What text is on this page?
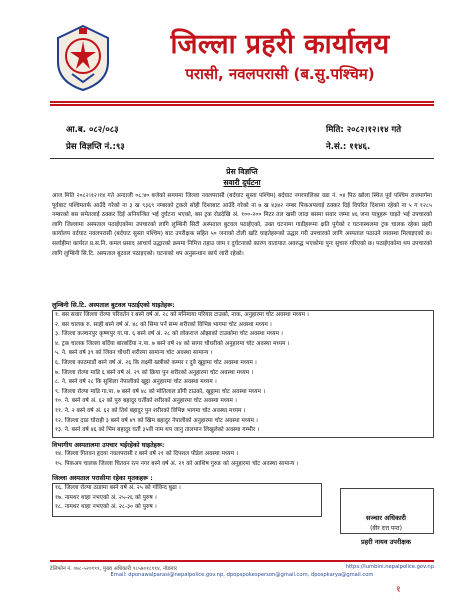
जिल्ला प्रहरी कार्यालय
परासी, नवलपरासी (ब.सु.पश्चिम)
आ.ब. ०८२/०८३	मिति: २०८२।१२।१४ गते
प्रेस विज्ञप्ति नं.:९३	ने.सं.: ११४६.
प्रेस विज्ञप्ति
सवारी दुर्घटना
आज मिति २०८२।१२।१४ गते अन्दाजी ०८:४० बजेको समयमा जिल्ला नवलपरासी (बर्दघाट सुस्ता पश्चिम) बर्दघाट नगरपालिका वडा नं. ०४ पिठ खोला स्थित पूर्व पश्चिम राजमार्गमा पूर्वबाट पश्चिमतर्फ आउँदै गरेको ना ३ ख ९३६९ नम्बरको ट्रकले सोही दिशाबाट आउँदै गरेको ना ७ ख ४३४२ नम्बर पिकअपलाई ठक्कर दिई विपरित दिशामा रहेको ना ५ ग १२८५ नम्बरको बस समेतलाई ठक्कर दिई अनियन्त्रित भई दुर्घटना भएको, बस ट्रक रोडदेखि अं. १००-२०० मिटर तल खसी जादा बसमा सवार जम्मा ४६ जना यात्रुहरू घाइते भई उपचारको लागि जिल्लामा अस्पताल पठाईएकोमा उपचारको लागि लुम्बिनी सिटी अस्पताल बुटवल पठाईएको, उक्त घटनामा गाडीहरूमा क्षति पुगेको र घटनास्थलमा ट्रक चालक रहेका प्रहरी कार्यालय वर्दघाट नवलपरासी (बर्दघाट सुस्ता पश्चिम) बाट उपरीक्षक सहित ५० जनाको टोली खटि घाइतेहरूको उद्धार गरी उपचारको लागि अस्पताल पठाउने व्यवस्था मिलाइएको छ। सर्लाहीमा कार्यरत प्र.स.नि. कमल प्रसाद आचार्य उद्धारको क्रममा निमित्त तहाउ जाम र दुर्घटनाको कारण यातायात अवरुद्ध भएकोमा पुनः सुचारु गरिएको छ। पठाईएकोमा थप उपचारको लागि लुम्बिनी सि.टि. अस्पताल बुटवल पठाइएको। घटनाको थप अनुसन्धान कार्य जारी रहेको।
लुम्बिनी सि.टि. अस्पताल बुटवल पठाईएको घाइतेहरू:
१. बस सवार जिल्ला रोल्पा परिवर्तन र बस्ने वर्ष अं. २८ को मनिमाया परियार टाउको, नाक, अनुहारमा चोट अवस्था मध्यम ।
२. बस चालक रु. साही बस्ने वर्ष अं. ४८ को सिमा पर्ने सम्म शरीरको विभिन्न भागमा चोट अवस्था मध्यम ।
३. जिल्ला कञ्चनपुर कृष्णपुर गा.पा. ६ बस्ने वर्ष अं. २८ को लोकराज ओझाको टाउकोमा चोट अवस्था मध्यम ।
४. ट्रक चालक जिल्ला बर्दिया बारबर्दिया न.पा. ७ बस्ने वर्ष २४ को सागर चौधरीको अनुहारमा चोट अवस्था मध्यम ।
५. ने. बस्ने वर्ष ३९ को जिवन चौधरी शरीरमा सामान्य चोट अवस्था सामान्य ।
६. जिल्ला काठमाडौं बस्ने वर्ष अं. २६ कि लक्ष्मी खत्रीको कम्मर र दुवै खुट्टामा चोट अवस्था मध्यम ।
७. जिल्ला रोल्पा माडि ६ बस्ने वर्ष अं. २९ को क्रिया पुन शरीरको अनुहारमा चोट अवस्था मध्यम ।
८. ने. बस्ने वर्ष २८ कि सुशिला नेपालीको खुट्टा अनुहारमा चोट अवस्था मध्यम ।
९. जिल्ला रोल्पा माडि गा.पा. ७ बस्ने वर्ष ४८ को मोतिलाल डाँगी टाउको, खुट्टामा चोट अवस्था मध्यम ।
१०. ने. बस्ने वर्ष अं. ६२ को पुरु बहादुर घर्तीको शरीरको अनुहारमा चोट अवस्था मध्यम ।
११. ने. २ बस्ने वर्ष अं. ६२ को तिर्थ बहादुर पुन शरीरको विभिन्न भागमा चोट अवस्था मध्यम ।
१२. जिल्ला दाङ घोराही ३ बस्ने वर्ष ४९ को खिम बहादुर नेपालीको अनुहारमा चोट अवस्था मध्यम ।
१३. ने. बस्ने वर्ष ४६ को भिम बहादुर घर्ती ३५वी नाम थप जानु तालमान लिखुलेको अवस्था गम्भीर ।
विभागीय अस्पतालमा उपचार भईरहेको घाइतेहरू:
१४. जिल्ला गितवन हृदया नवलपरासी र बस्ने वर्ष २१ को दिपशल पौडेल अवस्था मध्यम ।
१५. पिकअप चालक जिल्ला चितवन रत्न नगर बस्ने वर्ष अं. २९ को आशिष गुरुङ को अनुहारमा चोट अवस्था सामान्य ।
जिल्ला अस्पताल परासीमा रहेका मृतकहरू :
१६. जिल्ला रोल्पा ठाडामा बस्ने वर्ष अं. २५ को गोविन्द बुढा ।
१७. नामथर थाहा नभएको अं. २५-२६ को पुरुष ।
१८. नामथर थाहा नभएको अं. २८-३० को पुरुष ।
सञ्चार अधिकारी
(वीर दत्त पन्त)
प्रहरी नायव उपरीक्षक
टेलिफोन नं. ०७८-५२०१९९, मुख्य अधिकारी ९८५७०१८११४, नोडलार	https://lumbini.nepalpolice.gov.np
Email: dponawalparasi@nepalpolice.gov.np, dpopspokesperson@gmail.com, dpospkarya@gmail.com
१
